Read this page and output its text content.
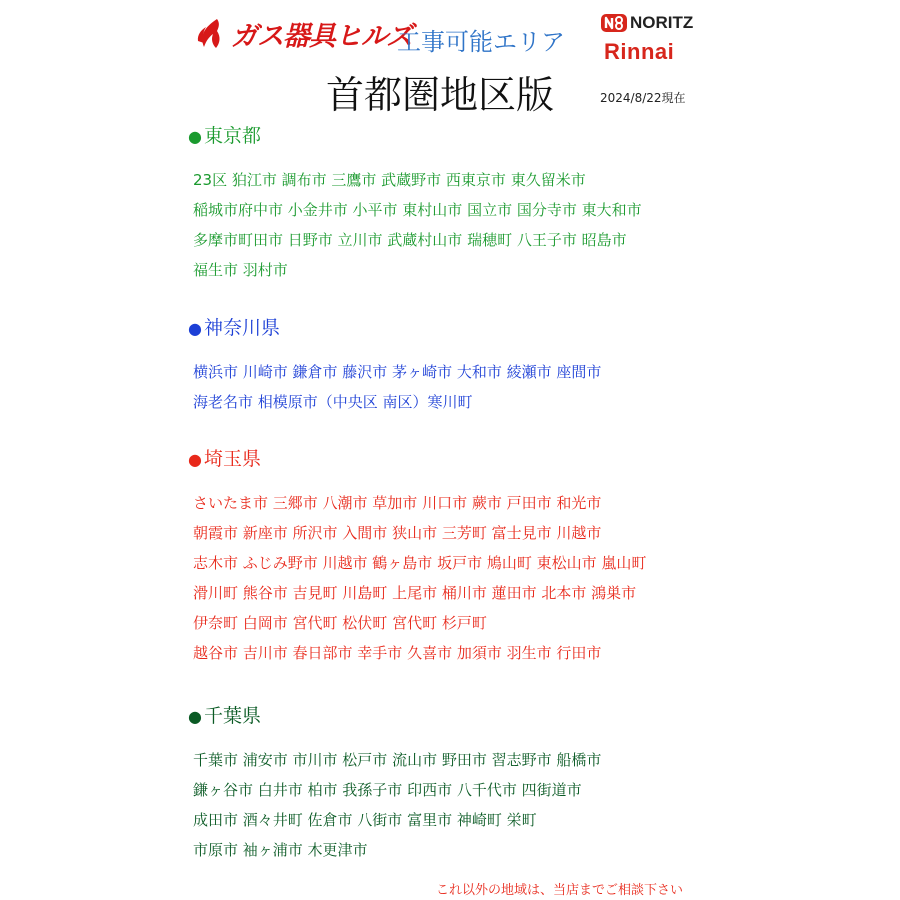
ガス器具ヒルズ
工事可能エリア
NORITZ
Rinnai
首都圏地区版	2024/8/22現在
● 東京都
23区 狛江市 調布市 三鷹市 武蔵野市 西東京市 東久留米市
稲城市府中市 小金井市 小平市 東村山市 国立市 国分寺市 東大和市
多摩市町田市 日野市 立川市 武蔵村山市 瑞穂町 八王子市 昭島市
福生市 羽村市
● 神奈川県
横浜市 川崎市 鎌倉市 藤沢市 茅ヶ崎市 大和市 綾瀬市 座間市
海老名市 相模原市（中央区 南区）寒川町
● 埼玉県
さいたま市 三郷市 八潮市 草加市 川口市 蕨市 戸田市 和光市
朝霞市 新座市 所沢市 入間市 狭山市 三芳町 富士見市 川越市
志木市 ふじみ野市 川越市 鶴ヶ島市 坂戸市 鳩山町 東松山市 嵐山町
滑川町 熊谷市 吉見町 川島町 上尾市 桶川市 蓮田市 北本市 鴻巣市
伊奈町 白岡市 宮代町 松伏町 宮代町 杉戸町
越谷市 吉川市 春日部市 幸手市 久喜市 加須市 羽生市 行田市
● 千葉県
千葉市 浦安市 市川市 松戸市 流山市 野田市 習志野市 船橋市
鎌ヶ谷市 白井市 柏市 我孫子市 印西市 八千代市 四街道市
成田市 酒々井町 佐倉市 八街市 富里市 神崎町 栄町
市原市 袖ヶ浦市 木更津市
これ以外の地域は、当店までご相談下さい
